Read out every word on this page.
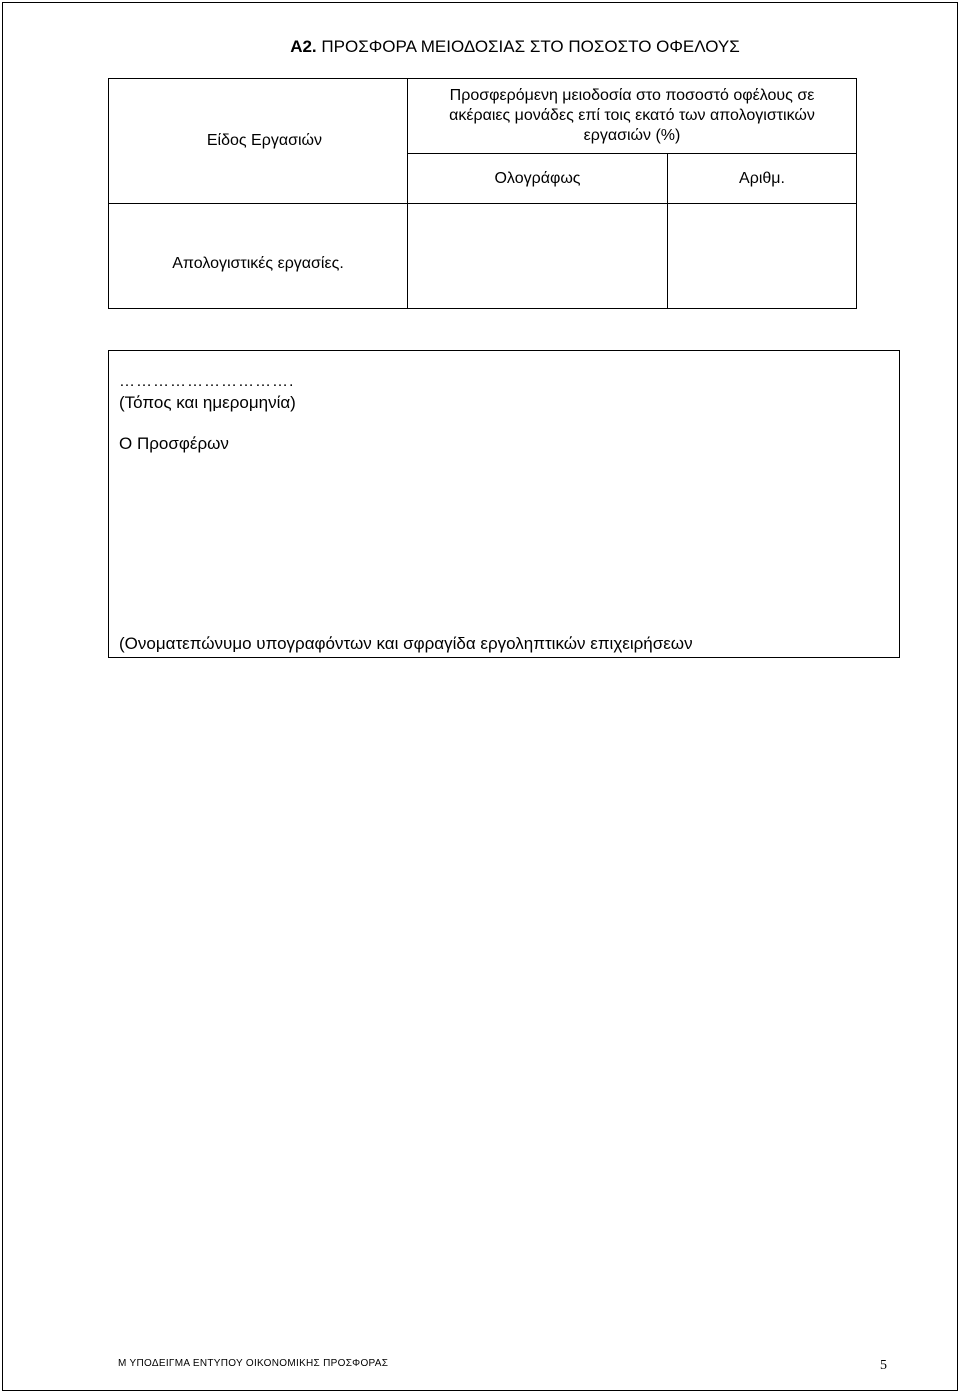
Α2. ΠΡΟΣΦΟΡΑ ΜΕΙΟΔΟΣΙΑΣ ΣΤΟ ΠΟΣΟΣΤΟ ΟΦΕΛΟΥΣ
Είδος Εργασιών	Προσφερόμενη μειοδοσία στο ποσοστό οφέλους σε
ακέραιες μονάδες επί τοις εκατό των απολογιστικών
εργασιών (%)	

	Ολογράφως	Αριθμ.
Απολογιστικές εργασίες.		
………………………….
(Τόπος και ημερομηνία)
Ο Προσφέρων
(Ονοματεπώνυμο υπογραφόντων και σφραγίδα εργοληπτικών επιχειρήσεων
Μ ΥΠΟΔΕΙΓΜΑ ΕΝΤΥΠΟΥ ΟΙΚΟΝΟΜΙΚΗΣ ΠΡΟΣΦΟΡΑΣ	5
